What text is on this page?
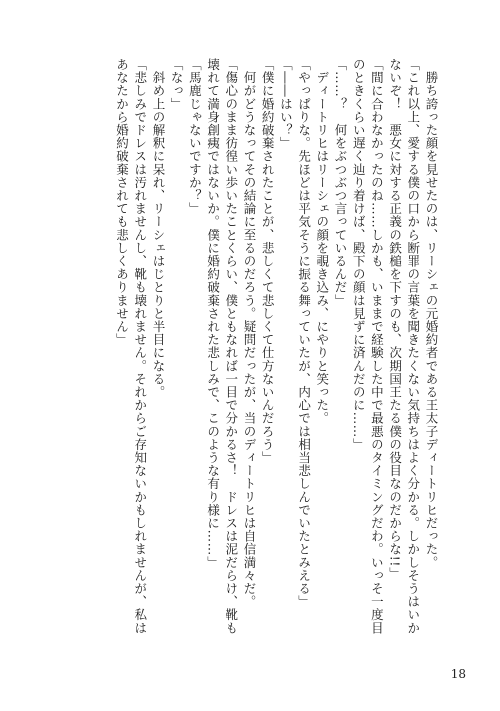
　勝ち誇った顔を見せたのは、リーシェの元婚約者である王太子ディートリヒだった。
「これ以上、愛する僕の口から断罪の言葉を聞きたくない気持ちはよく分かる。しかしそうはいか
ないぞ！　悪女に対する正義の鉄槌を下すのも、次期国王たる僕の役目なのだからな!!」
「間に合わなかったのね……しかも、いままで経験した中で最悪のタイミングだわ。いっそ一度目
のときくらい遅く辿り着けば、殿下の顔は見ずに済んだのに……」
「……？　何をぶつぶつ言っているんだ」
　ディートリヒはリーシェの顔を覗き込み、にやりと笑った。
「やっぱりな。先ほどは平気そうに振る舞っていたが、内心では相当悲しんでいたとみえる」
「――はい？」
「僕に婚約破棄されたことが、悲しくて悲しくて仕方ないんだろう」
　何がどうなってその結論に至るのだろう。疑問だったが、当のディートリヒは自信満々だ。
「傷心のまま彷徨い歩いたことくらい、僕ともなれば一目で分かるさ！　ドレスは泥だらけ、靴も
壊れて満身創痍ではないか。僕に婚約破棄された悲しみで、このような有り様に……」
「馬鹿じゃないですか？」
「なっ」
　斜め上の解釈に呆れ、リーシェはじとりと半目になる。
「悲しみでドレスは汚れませんし、靴も壊れません。それからご存知ないかもしれませんが、私は
あなたから婚約破棄されても悲しくありません」
18
